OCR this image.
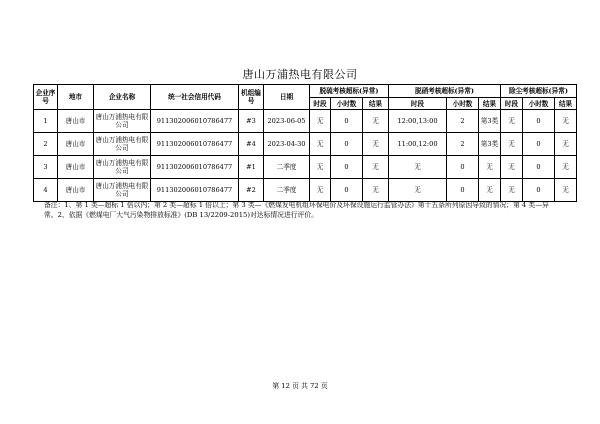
唐山万浦热电有限公司
企业序号	地市	企业名称	统一社会信用代码	机组编号	日期	脱硫考核超标(异常)			脱硝考核超标(异常)			除尘考核超标(异常)		
						时段	小时数	结果	时段	小时数	结果	时段	小时数	结果
1	唐山市	唐山万浦热电有限公司	911302006010786477	#3	2023-06-05	无	0	无	12:00,13:00	2	第3类	无	0	无
2	唐山市	唐山万浦热电有限公司	911302006010786477	#4	2023-04-30	无	0	无	11:00,12:00	2	第3类	无	0	无
3	唐山市	唐山万浦热电有限公司	911302006010786477	#1	二季度	无	0	无	无	0	无	无	0	无
4	唐山市	唐山万浦热电有限公司	911302006010786477	#2	二季度	无	0	无	无	0	无	无	0	无
备注：1、第 1 类—超标 1 倍以内；第 2 类—超标 1 倍以上；第 3 类—《燃煤发电机组环保电价及环保设施运行监管办法》第十五条所列原因导致的情况；第 4 类—异常。2、依据《燃煤电厂大气污染物排放标准》(DB 13/2209-2015)对达标情况进行评价。
第 12 页 共 72 页
